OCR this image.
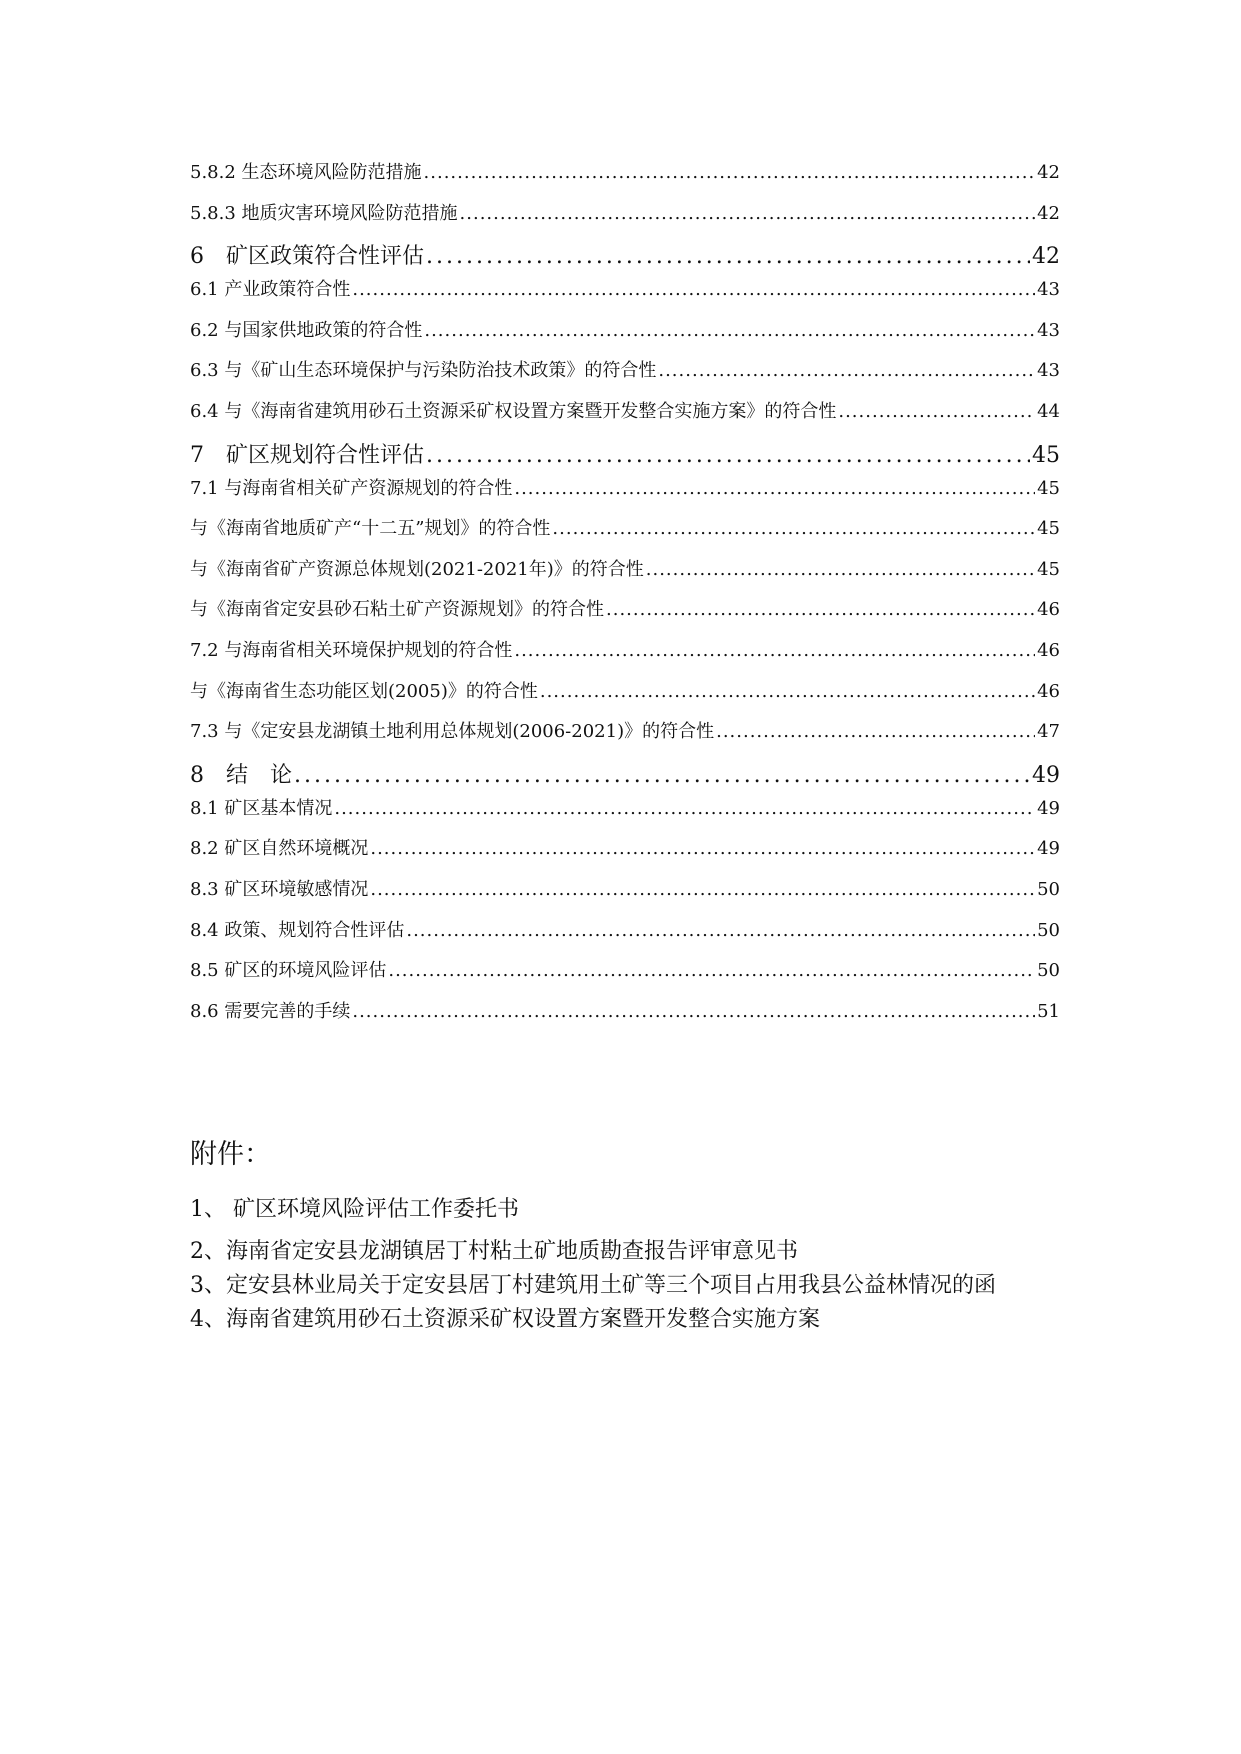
5.8.2 生态环境风险防范措施 .....	42
5.8.3 地质灾害环境风险防范措施 .....	42
6　矿区政策符合性评估 .....	42
6.1 产业政策符合性 .....	43
6.2 与国家供地政策的符合性 .....	43
6.3 与《矿山生态环境保护与污染防治技术政策》的符合性 .....	43
6.4 与《海南省建筑用砂石土资源采矿权设置方案暨开发整合实施方案》的符合性 .....	44
7　矿区规划符合性评估 .....	45
7.1 与海南省相关矿产资源规划的符合性 .....	45
与《海南省地质矿产“十二五”规划》的符合性 .....	45
与《海南省矿产资源总体规划(2021-2021年)》的符合性 .....	45
与《海南省定安县砂石粘土矿产资源规划》的符合性 .....	46
7.2 与海南省相关环境保护规划的符合性 .....	46
与《海南省生态功能区划(2005)》的符合性 .....	46
7.3 与《定安县龙湖镇土地利用总体规划(2006-2021)》的符合性 .....	47
8　结　论 .....	49
8.1 矿区基本情况 .....	49
8.2 矿区自然环境概况 .....	49
8.3 矿区环境敏感情况 .....	50
8.4 政策、规划符合性评估 .....	50
8.5 矿区的环境风险评估 .....	50
8.6 需要完善的手续 .....	51
附件：
1、 矿区环境风险评估工作委托书
2、海南省定安县龙湖镇居丁村粘土矿地质勘查报告评审意见书
3、定安县林业局关于定安县居丁村建筑用土矿等三个项目占用我县公益林情况的函
4、海南省建筑用砂石土资源采矿权设置方案暨开发整合实施方案
